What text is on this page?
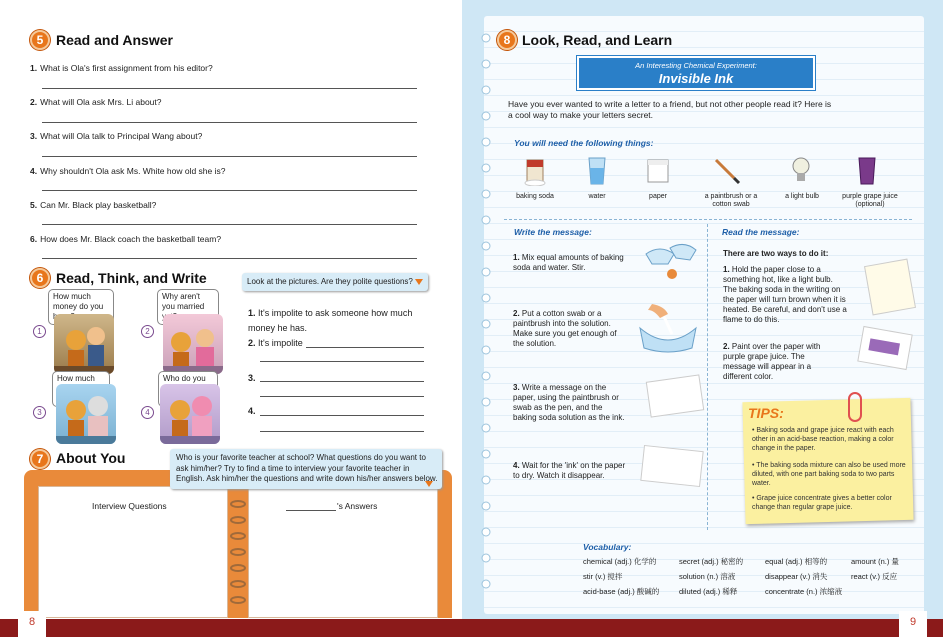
5 Read and Answer
1. What is Ola's first assignment from his editor?
2. What will Ola ask Mrs. Li about?
3. What will Ola talk to Principal Wang about?
4. Why shouldn't Ola ask Ms. White how old she is?
5. Can Mr. Black play basketball?
6. How does Mr. Black coach the basketball team?
6 Read, Think, and Write	Look at the pictures. Are they polite questions?
How much money do you
1
Why aren't you married
2
How much
3
Who do you
4
1. It's impolite to ask someone how much money he has.
2. It's impolite
3.
4.
7 About You
Interview Questions	's Answers
Who is your favorite teacher at school? What questions do you want to ask him/her? Try to find a time to interview your favorite teacher in English. Ask him/her the questions and write down his/her answers below.
8 Look, Read, and Learn
An Interesting Chemical Experiment:
Invisible Ink
Have you ever wanted to write a letter to a friend, but not other people read it? Here is a cool way to make your letters secret.
You will need the following things:
baking soda	water	paper	a paintbrush or a cotton swab
a light bulb	purple grape juice (optional)
Write the message:
1. Mix equal amounts of baking soda and water. Stir.
2. Put a cotton swab or a paintbrush into the solution. Make sure you get enough of the solution.
3. Write a message on the paper, using the paintbrush or swab as the pen, and the baking soda solution as the ink.
4. Wait for the 'ink' on the paper to dry. Watch it disappear.
Read the message:
There are two ways to do it:
1. Hold the paper close to a something hot, like a light bulb. The baking soda in the writing on the paper will turn brown when it is heated. Be careful, and don't use a flame to do this.
2. Paint over the paper with purple grape juice. The message will appear in a different color.
TIPS:
• Baking soda and grape juice react with each other in an acid-base reaction, making a color change in the paper.
• The baking soda mixture can also be used more diluted, with one part baking soda to two parts water.
• Grape juice concentrate gives a better color change than regular grape juice.
Vocabulary:
chemical (adj.) 化学的	secret (adj.) 秘密的	equal (adj.) 相等的	amount (n.) 量
stir (v.) 搅拌	solution (n.) 溶液	disappear (v.) 消失	react (v.) 反应
acid-base (adj.) 酸碱的	diluted (adj.) 稀释	concentrate (n.) 浓缩液
8	9
